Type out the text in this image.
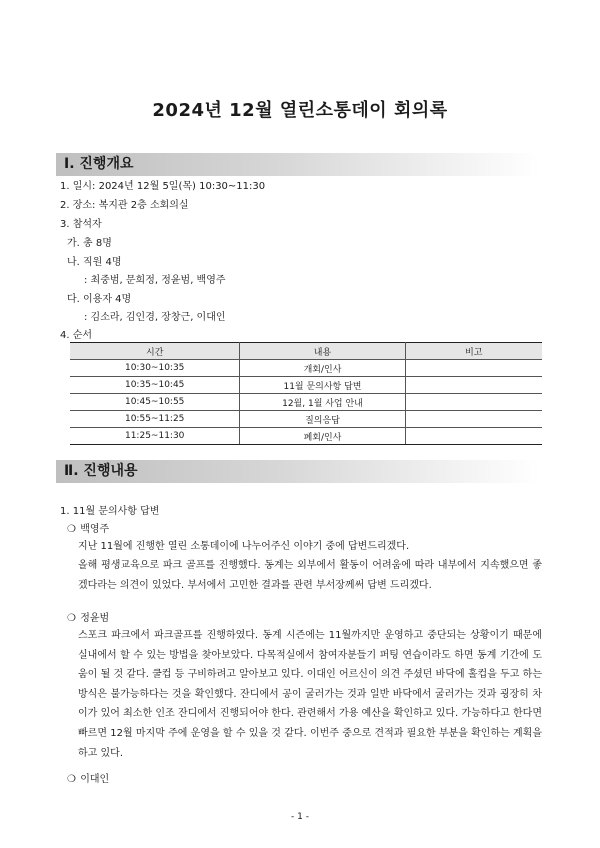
2024년 12월 열린소통데이 회의록
Ⅰ. 진행개요
1. 일시: 2024년 12월 5일(목) 10:30~11:30
2. 장소: 복지관 2층 소회의실
3. 참석자
가. 총 8명
나. 직원 4명
: 최중범, 문희정, 정윤범, 백영주
다. 이용자 4명
: 김소라, 김인경, 장창근, 이대인
4. 순서
시간	내용	비고
10:30~10:35	개회/인사	
10:35~10:45	11월 문의사항 답변	
10:45~10:55	12월, 1월 사업 안내	
10:55~11:25	질의응답	
11:25~11:30	폐회/인사	
Ⅱ. 진행내용
1. 11월 문의사항 답변
❍ 백영주

지난 11월에 진행한 열린 소통데이에 나누어주신 이야기 중에 답변드리겠다.

올해 평생교육으로 파크 골프를 진행했다. 동계는 외부에서 활동이 어려움에 따라 내부에서 지속했으면 좋겠다라는 의견이 있었다. 부서에서 고민한 결과를 관련 부서장께써 답변 드리겠다.

❍ 정윤범

스포크 파크에서 파크골프를 진행하였다. 동계 시즌에는 11월까지만 운영하고 중단되는 상황이기 때문에 실내에서 할 수 있는 방법을 찾아보았다. 다목적실에서 참여자분들기 퍼팅 연습이라도 하면 동계 기간에 도움이 될 것 같다. 쿨컵 등 구비하려고 알아보고 있다. 이대인 어르신이 의견 주셨던 바닥에 홀컵을 두고 하는 방식은 불가능하다는 것을 확인했다. 잔디에서 공이 굴러가는 것과 일반 바닥에서 굴러가는 것과 굉장히 차이가 있어 최소한 인조 잔디에서 진행되어야 한다. 관련해서 가용 예산을 확인하고 있다. 가능하다고 한다면 빠르면 12월 마지막 주에 운영을 할 수 있을 것 같다. 이번주 중으로 견적과 필요한 부분을 확인하는 계획을 하고 있다.

❍ 이대인
- 1 -
